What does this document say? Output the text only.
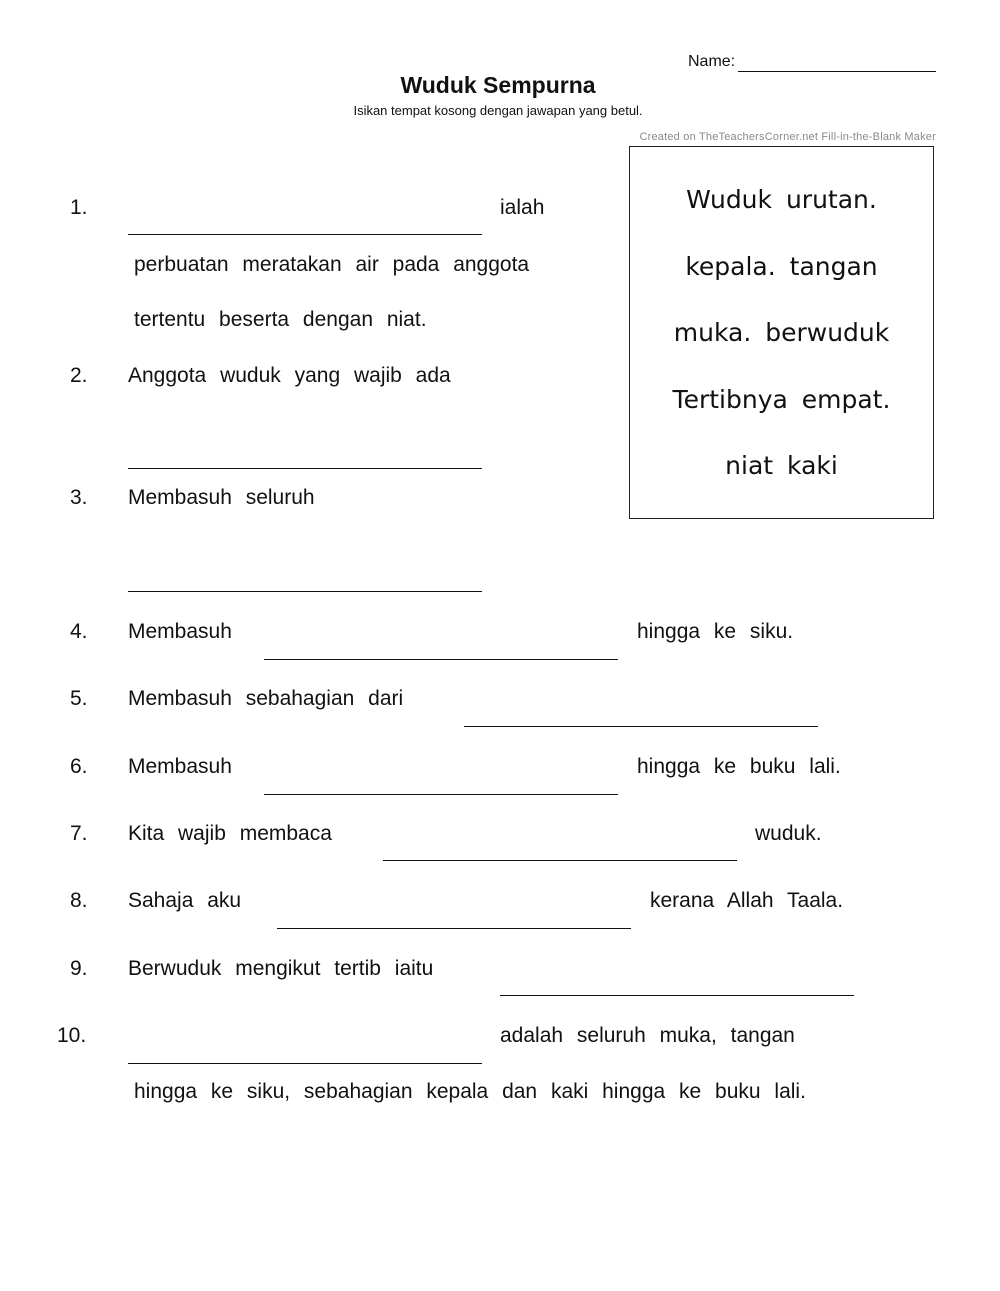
Name:
Wuduk Sempurna
Isikan tempat kosong dengan jawapan yang betul.
Created on TheTeachersCorner.net Fill-in-the-Blank Maker
Wuduk urutan.
kepala. tangan
muka. berwuduk
Tertibnya empat.
niat kaki
1.	ialah
perbuatan meratakan air pada anggota
tertentu beserta dengan niat.
2. Anggota wuduk yang wajib ada
3. Membasuh seluruh
4. Membasuh	hingga ke siku.
5. Membasuh sebahagian dari
6. Membasuh	hingga ke buku lali.
7. Kita wajib membaca	wuduk.
8. Sahaja aku	kerana Allah Taala.
9. Berwuduk mengikut tertib iaitu
10.	adalah seluruh muka, tangan
hingga ke siku, sebahagian kepala dan kaki hingga ke buku lali.
